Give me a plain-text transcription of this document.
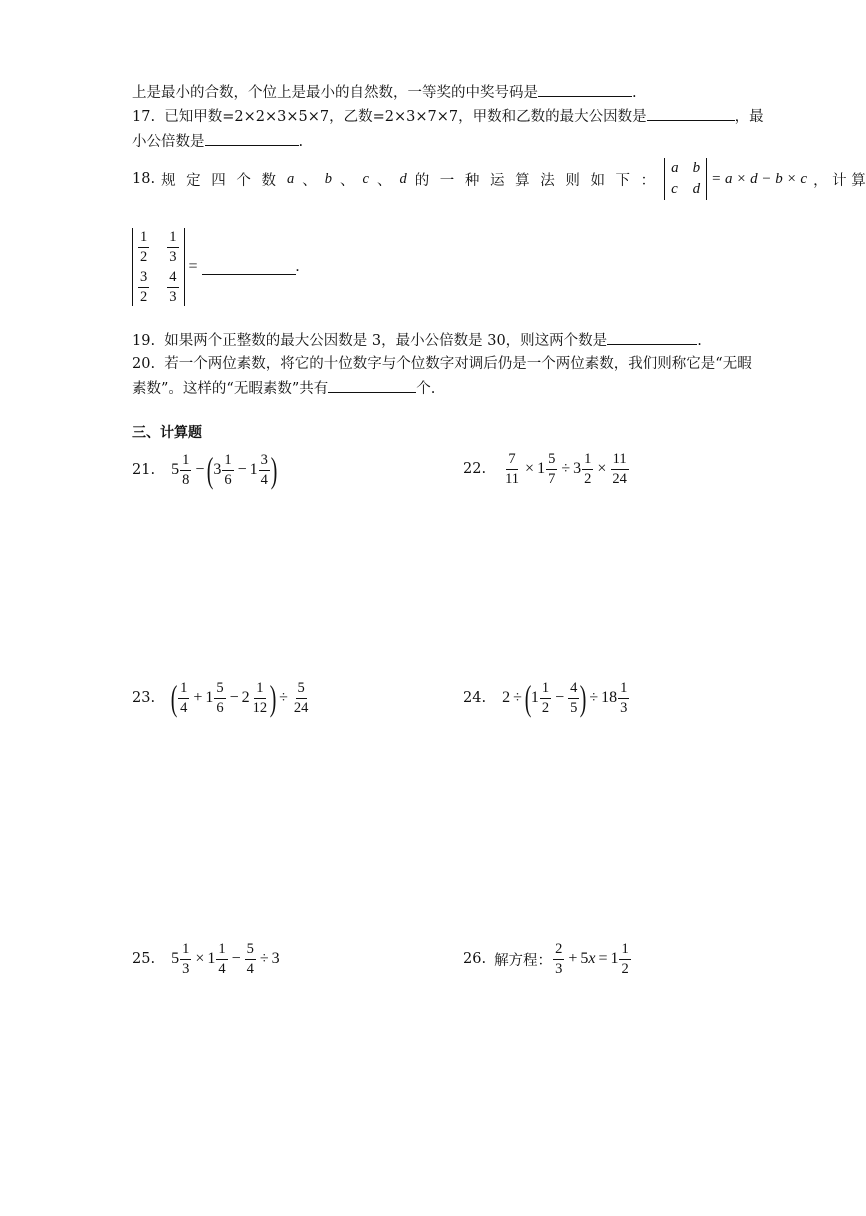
上是最小的合数，个位上是最小的自然数，一等奖的中奖号码是	.
17. 已知甲数=2×2×3×5×7，乙数=2×3×7×7，甲数和乙数的最大公因数是	，最
小公倍数是	.
18. 规 定 四 个 数 a 、 b 、 c 、 d 的 一 种 运 算 法 则 如 下 ：
a b
c d
= a × d − b × c ， 计 算
$\frac{1}{2} \frac{1}{3}$
$\frac{3}{2} \frac{4}{3}$
=	.
19. 如果两个正整数的最大公因数是 3，最小公倍数是 30，则这两个数是	.
20. 若一个两位素数，将它的十位数字与个位数字对调后仍是一个两位素数，我们则称它是“无暇
素数”。这样的“无暇素数”共有	个.
三、计算题
21. $5 \frac{1}{8}$ − ( $3 \frac{1}{6} - 1 \frac{3}{4}$ )	22. $\frac{7}{11} \times 1 \frac{5}{7} \div 3 \frac{1}{2} \times \frac{11}{24}$
23. ( $\frac{1}{4} + 1 \frac{5}{6} - 2 \frac{1}{12}$ ) ÷ $\frac{5}{24}$	24. 2 ÷ ( $1 \frac{1}{2} - \frac{4}{5}$ ) ÷ $18 \frac{1}{3}$
25. $5 \frac{1}{3} \times 1 \frac{1}{4} - \frac{5}{4} \div 3$	26. 解方程： $\frac{2}{3} + 5$ $x = 1 \frac{1}{2}$
